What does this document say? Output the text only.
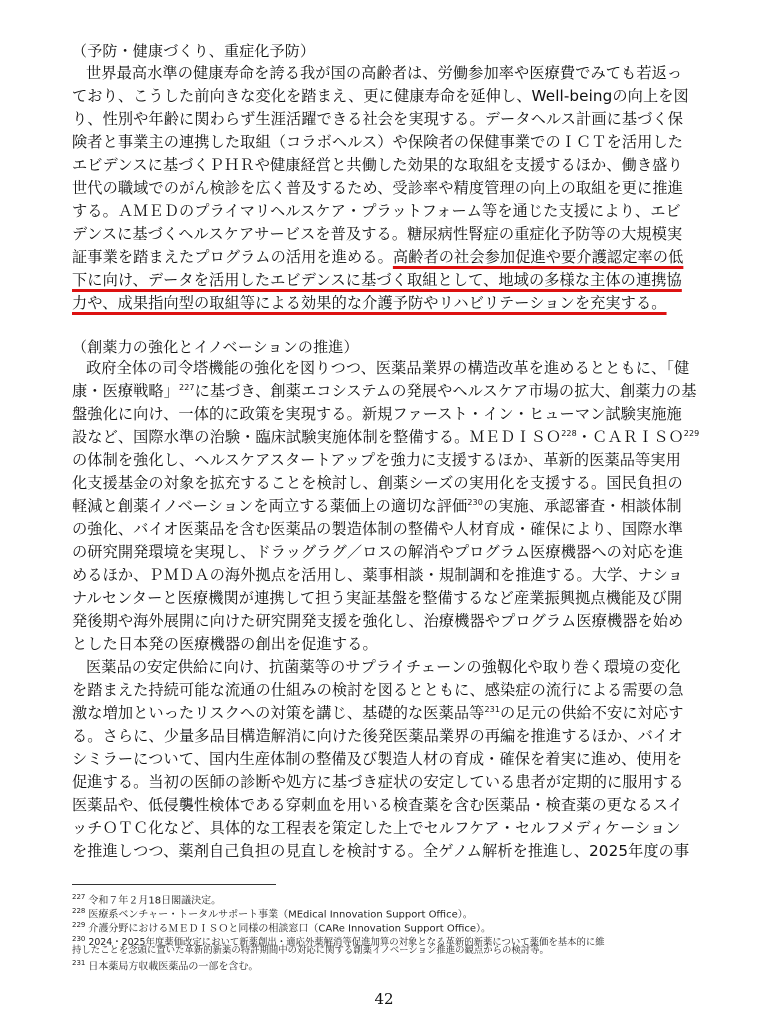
（予防・健康づくり、重症化予防）
世界最高水準の健康寿命を誇る我が国の高齢者は、労働参加率や医療費でみても若返っ
ており、こうした前向きな変化を踏まえ、更に健康寿命を延伸し、Well-beingの向上を図
り、性別や年齢に関わらず生涯活躍できる社会を実現する。データヘルス計画に基づく保
険者と事業主の連携した取組（コラボヘルス）や保険者の保健事業でのＩＣＴを活用した
エビデンスに基づくＰＨＲや健康経営と共働した効果的な取組を支援するほか、働き盛り
世代の職域でのがん検診を広く普及するため、受診率や精度管理の向上の取組を更に推進
する。ＡＭＥＤのプライマリヘルスケア・プラットフォーム等を通じた支援により、エビ
デンスに基づくヘルスケアサービスを普及する。糖尿病性腎症の重症化予防等の大規模実
証事業を踏まえたプログラムの活用を進める。高齢者の社会参加促進や要介護認定率の低
下に向け、データを活用したエビデンスに基づく取組として、地域の多様な主体の連携協
力や、成果指向型の取組等による効果的な介護予防やリハビリテーションを充実する。
（創薬力の強化とイノベーションの推進）
政府全体の司令塔機能の強化を図りつつ、医薬品業界の構造改革を進めるとともに、「健
康・医療戦略」$^{227}$に基づき、創薬エコシステムの発展やヘルスケア市場の拡大、創薬力の基
盤強化に向け、一体的に政策を実現する。新規ファースト・イン・ヒューマン試験実施施
設など、国際水準の治験・臨床試験実施体制を整備する。ＭＥＤＩＳＯ$^{228}$・ＣＡＲＩＳＯ$^{229}$
の体制を強化し、ヘルスケアスタートアップを強力に支援するほか、革新的医薬品等実用
化支援基金の対象を拡充することを検討し、創薬シーズの実用化を支援する。国民負担の
軽減と創薬イノベーションを両立する薬価上の適切な評価$^{230}$の実施、承認審査・相談体制
の強化、バイオ医薬品を含む医薬品の製造体制の整備や人材育成・確保により、国際水準
の研究開発環境を実現し、ドラッグラグ／ロスの解消やプログラム医療機器への対応を進
めるほか、ＰＭＤＡの海外拠点を活用し、薬事相談・規制調和を推進する。大学、ナショ
ナルセンターと医療機関が連携して担う実証基盤を整備するなど産業振興拠点機能及び開
発後期や海外展開に向けた研究開発支援を強化し、治療機器やプログラム医療機器を始め
とした日本発の医療機器の創出を促進する。
医薬品の安定供給に向け、抗菌薬等のサプライチェーンの強靱化や取り巻く環境の変化
を踏まえた持続可能な流通の仕組みの検討を図るとともに、感染症の流行による需要の急
激な増加といったリスクへの対策を講じ、基礎的な医薬品等$^{231}$の足元の供給不安に対応す
る。さらに、少量多品目構造解消に向けた後発医薬品業界の再編を推進するほか、バイオ
シミラーについて、国内生産体制の整備及び製造人材の育成・確保を着実に進め、使用を
促進する。当初の医師の診断や処方に基づき症状の安定している患者が定期的に服用する
医薬品や、低侵襲性検体である穿刺血を用いる検査薬を含む医薬品・検査薬の更なるスイ
ッチＯＴＣ化など、具体的な工程表を策定した上でセルフケア・セルフメディケーション
を推進しつつ、薬剤自己負担の見直しを検討する。全ゲノム解析を推進し、2025年度の事
$^{227}$ 令和７年２月18日閣議決定。
$^{228}$ 医療系ベンチャー・トータルサポート事業（MEdical Innovation Support Office）。
$^{229}$ 介護分野におけるＭＥＤＩＳＯと同様の相談窓口（CARe Innovation Support Office）。
$^{230}$ 2024・2025年度薬価改定において新薬創出・適応外薬解消等促進加算の対象となる革新的新薬について薬価を基本的に維
持したことを念頭に置いた革新的新薬の特許期間中の対応に関する創薬イノベーション推進の観点からの検討等。
$^{231}$ 日本薬局方収載医薬品の一部を含む。
42
